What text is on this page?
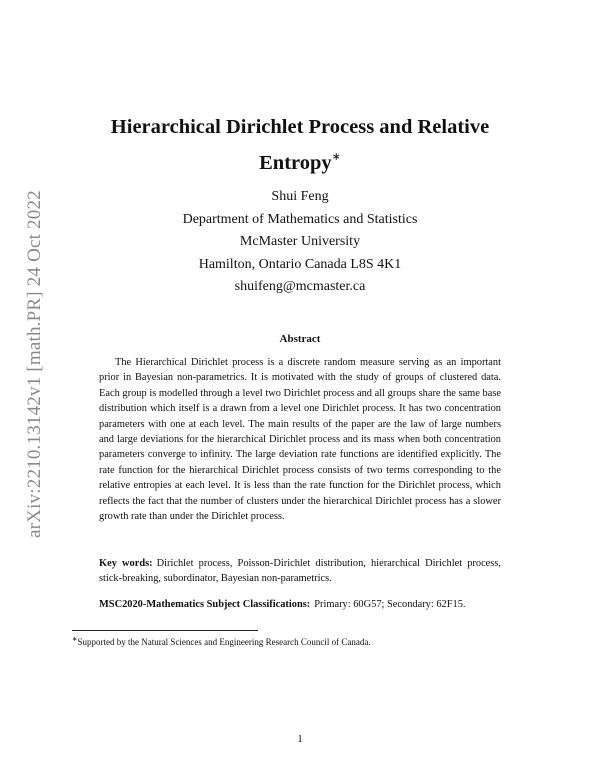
arXiv:2210.13142v1 [math.PR] 24 Oct 2022
Hierarchical Dirichlet Process and Relative
Entropy∗
Shui Feng
Department of Mathematics and Statistics
McMaster University
Hamilton, Ontario Canada L8S 4K1
shuifeng@mcmaster.ca
Abstract
The Hierarchical Dirichlet process is a discrete random measure serving as an important prior in Bayesian non-parametrics. It is motivated with the study of groups of clustered data. Each group is modelled through a level two Dirichlet process and all groups share the same base distribution which itself is a drawn from a level one Dirichlet process. It has two concentration parameters with one at each level. The main results of the paper are the law of large numbers and large deviations for the hierarchical Dirichlet process and its mass when both concentration parameters converge to infinity. The large deviation rate functions are identified explicitly. The rate function for the hierarchical Dirichlet process consists of two terms corresponding to the relative entropies at each level. It is less than the rate function for the Dirichlet process, which reflects the fact that the number of clusters under the hierarchical Dirichlet process has a slower growth rate than under the Dirichlet process.
Key words: Dirichlet process, Poisson-Dirichlet distribution, hierarchical Dirichlet process, stick-breaking, subordinator, Bayesian non-parametrics.
MSC2020-Mathematics Subject Classifications: Primary: 60G57; Secondary: 62F15.
∗Supported by the Natural Sciences and Engineering Research Council of Canada.
1
